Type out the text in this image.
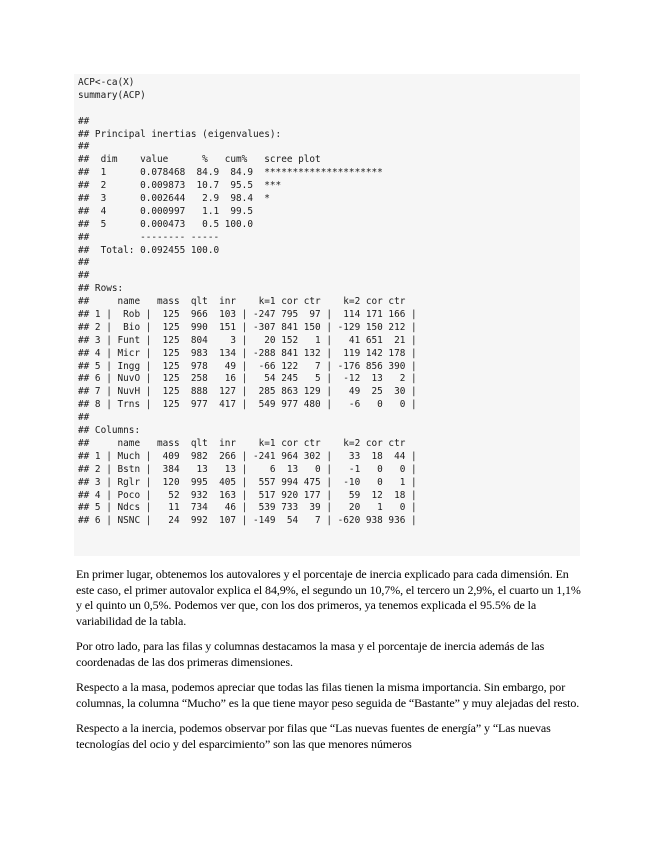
ACP<-ca(X)
summary(ACP)
##
## Principal inertias (eigenvalues):
##
##  dim    value      %   cum%   scree plot
##  1      0.078468  84.9  84.9  *********************
##  2      0.009873  10.7  95.5  ***
##  3      0.002644   2.9  98.4  *
##  4      0.000997   1.1  99.5
##  5      0.000473   0.5 100.0
##         -------- -----
##  Total: 0.092455 100.0
##
##
## Rows:
##     name   mass  qlt  inr    k=1 cor ctr    k=2 cor ctr
## 1 |  Rob |  125  966  103 | -247 795  97 |  114 171 166 |
## 2 |  Bio |  125  990  151 | -307 841 150 | -129 150 212 |
## 3 | Funt |  125  804    3 |   20 152   1 |   41 651  21 |
## 4 | Micr |  125  983  134 | -288 841 132 |  119 142 178 |
## 5 | Ingg |  125  978   49 |  -66 122   7 | -176 856 390 |
## 6 | NuvO |  125  258   16 |   54 245   5 |  -12  13   2 |
## 7 | NuvH |  125  888  127 |  285 863 129 |   49  25  30 |
## 8 | Trns |  125  977  417 |  549 977 480 |   -6   0   0 |
##
## Columns:
##     name   mass  qlt  inr    k=1 cor ctr    k=2 cor ctr
## 1 | Much |  409  982  266 | -241 964 302 |   33  18  44 |
## 2 | Bstn |  384   13   13 |    6  13   0 |   -1   0   0 |
## 3 | Rglr |  120  995  405 |  557 994 475 |  -10   0   1 |
## 4 | Poco |   52  932  163 |  517 920 177 |   59  12  18 |
## 5 | Ndcs |   11  734   46 |  539 733  39 |   20   1   0 |
## 6 | NSNC |   24  992  107 | -149  54   7 | -620 938 936 |

En primer lugar, obtenemos los autovalores y el porcentaje de inercia explicado para cada dimensión. En este caso, el primer autovalor explica el 84,9%, el segundo un 10,7%, el tercero un 2,9%, el cuarto un 1,1% y el quinto un 0,5%. Podemos ver que, con los dos primeros, ya tenemos explicada el 95.5% de la variabilidad de la tabla.

Por otro lado, para las filas y columnas destacamos la masa y el porcentaje de inercia además de las coordenadas de las dos primeras dimensiones.

Respecto a la masa, podemos apreciar que todas las filas tienen la misma importancia. Sin embargo, por columnas, la columna “Mucho” es la que tiene mayor peso seguida de “Bastante” y muy alejadas del resto.

Respecto a la inercia, podemos observar por filas que “Las nuevas fuentes de energía” y “Las nuevas tecnologías del ocio y del esparcimiento” son las que menores números
